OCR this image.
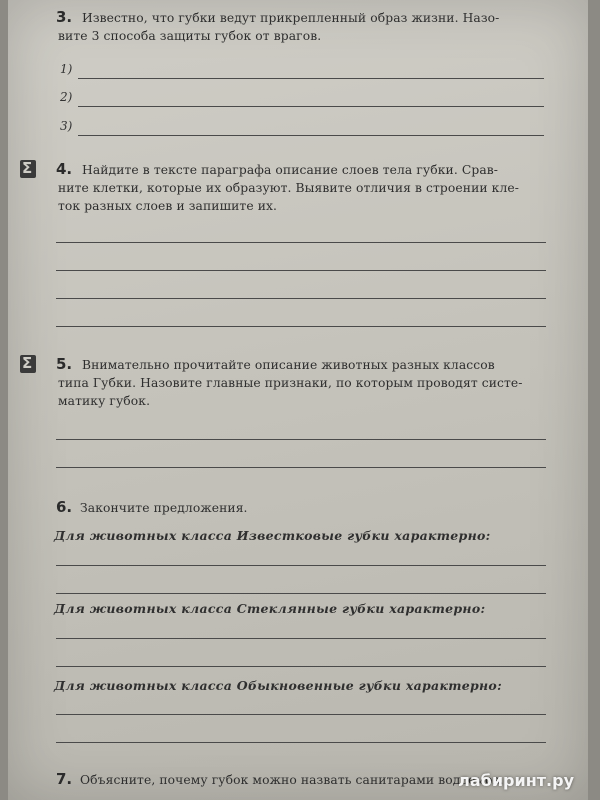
3. Известно, что губки ведут прикрепленный образ жизни. Назо-

вите 3 способа защиты губок от врагов.

1)
2)
3)
Σ
4. Найдите в тексте параграфа описание слоев тела губки. Срав-

ните клетки, которые их образуют. Выявите отличия в строении кле-

ток разных слоев и запишите их.

Σ
5. Внимательно прочитайте описание животных разных классов

типа Губки. Назовите главные признаки, по которым проводят систе-

матику губок.

6. Закончите предложения.

Для животных класса Известковые губки характерно:
Для животных класса Стеклянные губки характерно:
Для животных класса Обыкновенные губки характерно:
7. Объясните, почему губок можно назвать санитарами водоемов.

лабиринт.ру
